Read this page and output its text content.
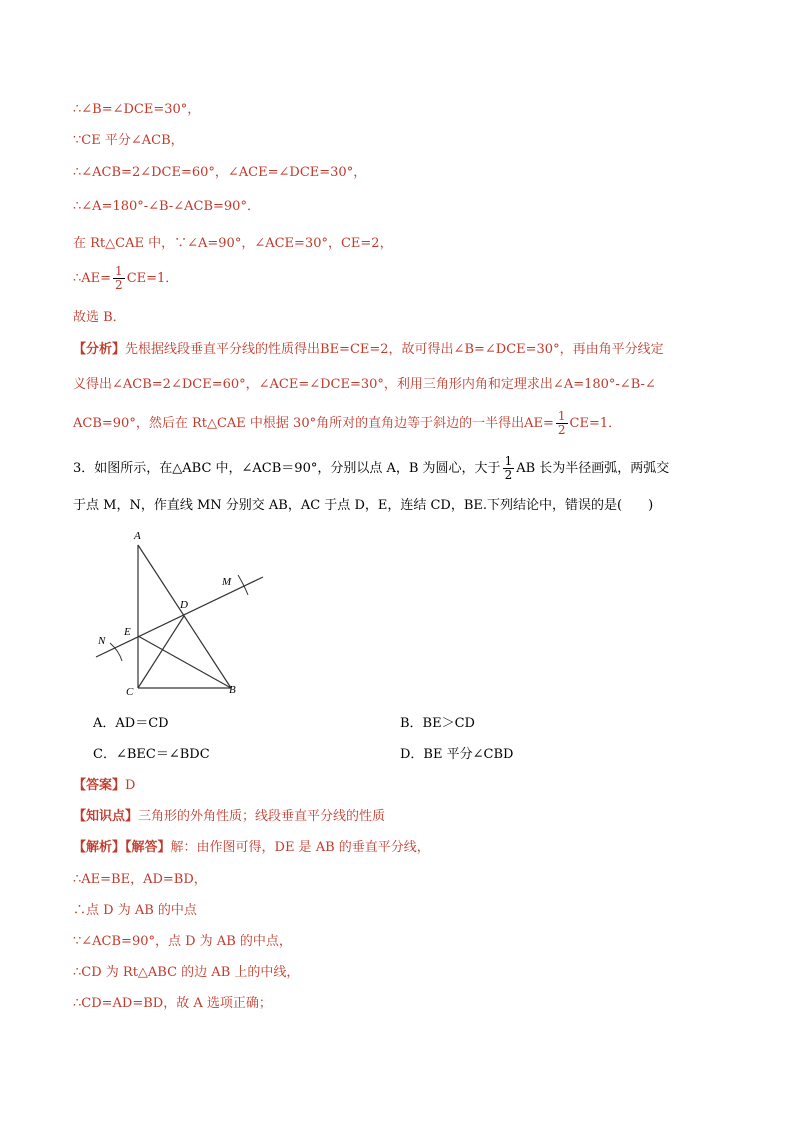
∴∠B=∠DCE=30°，
∵CE 平分∠ACB，
∴∠ACB=2∠DCE=60°，∠ACE=∠DCE=30°，
∴∠A=180°-∠B-∠ACB=90°．
在 Rt△CAE 中，∵∠A=90°，∠ACE=30°，CE=2，
∴AE= $\frac{1}{2} CE=1$．
故选 B．
【分析】先根据线段垂直平分线的性质得出BE=CE=2，故可得出∠B=∠DCE=30°，再由角平分线定
义得出∠ACB=2∠DCE=60°，∠ACE=∠DCE=30°，利用三角形内角和定理求出∠A=180°-∠B-∠
ACB=90°，然后在 Rt△CAE 中根据 30°角所对的直角边等于斜边的一半得出$AE= \frac{1}{2} CE=1$．
3．如图所示，在△ABC 中，∠ACB＝90°，分别以点 A，B 为圆心，大于 $\frac{1}{2}$ AB 长为半径画弧，两弧交
于点 M，N，作直线 MN 分别交 AB，AC 于点 D，E，连结 CD，BE.下列结论中，错误的是(　　)
A
B
C
D
E
M
N
A．AD＝CD	B．BE＞CD
C．∠BEC＝∠BDC	D．BE 平分∠CBD
【答案】D
【知识点】三角形的外角性质；线段垂直平分线的性质
【解析】【解答】解：由作图可得，DE 是 AB 的垂直平分线，
∴AE=BE，AD=BD，
∴点 D 为 AB 的中点
∵∠ACB=90°，点 D 为 AB 的中点，
∴CD 为 Rt△ABC 的边 AB 上的中线，
∴CD=AD=BD，故 A 选项正确；
